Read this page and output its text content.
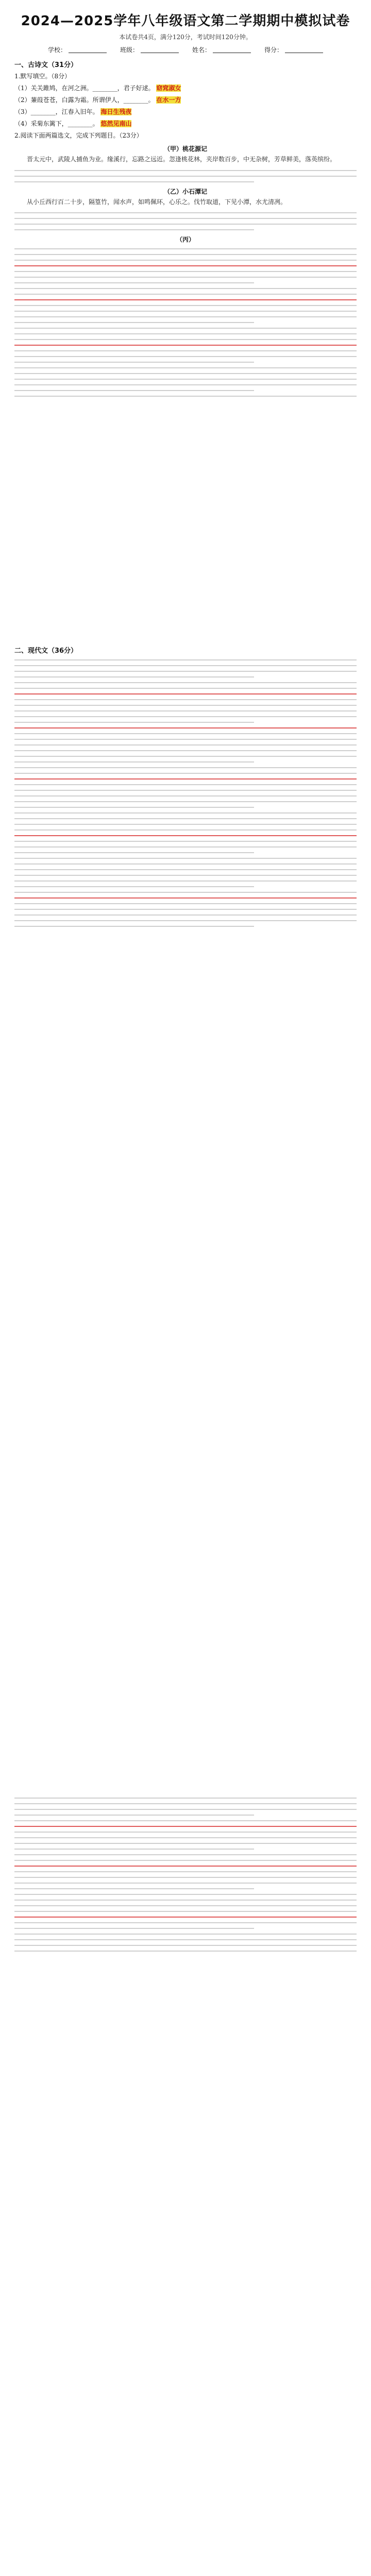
2024—2025学年八年级语文第二学期期中模拟试卷
本试卷共4页，满分120分，考试时间120分钟。
学校：	班级：	姓名：	得分：
一、古诗文（31分）
1.默写填空。（8分）
（1）关关雎鸠，在河之洲。________，君子好逑。 窈窕淑女
（2）蒹葭苍苍，白露为霜。所谓伊人，________。 在水一方
（3）________，江春入旧年。 海日生残夜
（4）采菊东篱下，________。 悠然见南山
2.阅读下面两篇选文，完成下列题目。（23分）
（甲）桃花源记
晋太元中，武陵人捕鱼为业。缘溪行，忘路之远近。忽逢桃花林，夹岸数百步，中无杂树，芳草鲜美，落英缤纷。
（乙）小石潭记
从小丘西行百二十步，隔篁竹，闻水声，如鸣佩环，心乐之。伐竹取道，下见小潭，水尤清冽。
（丙）
二、现代文（36分）
